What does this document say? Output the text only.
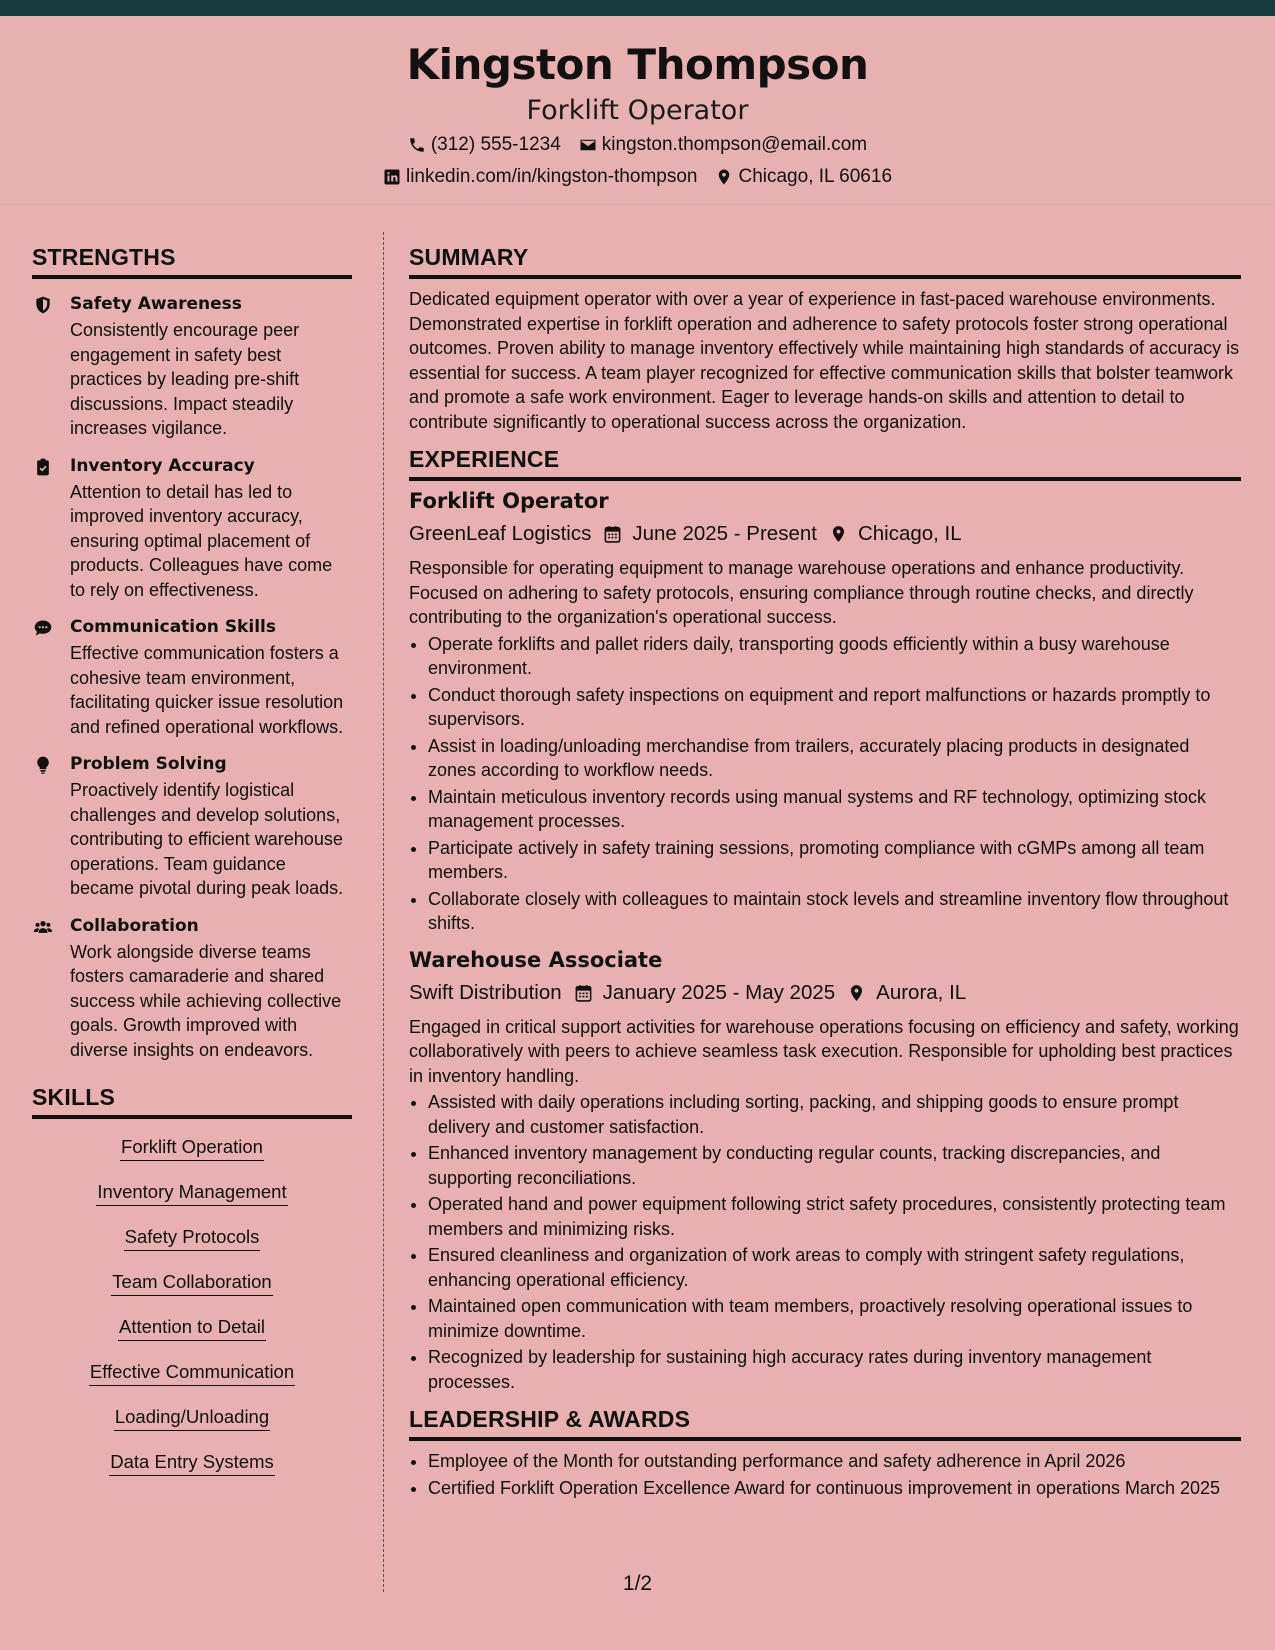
Kingston Thompson
Forklift Operator
(312) 555-1234 kingston.thompson@email.com
linkedin.com/in/kingston-thompson Chicago, IL 60616
STRENGTHS
Safety Awareness
Consistently encourage peer engagement in safety best practices by leading pre-shift discussions. Impact steadily increases vigilance.
Inventory Accuracy
Attention to detail has led to improved inventory accuracy, ensuring optimal placement of products. Colleagues have come to rely on effectiveness.
Communication Skills
Effective communication fosters a cohesive team environment, facilitating quicker issue resolution and refined operational workflows.
Problem Solving
Proactively identify logistical challenges and develop solutions, contributing to efficient warehouse operations. Team guidance became pivotal during peak loads.
Collaboration
Work alongside diverse teams fosters camaraderie and shared success while achieving collective goals. Growth improved with diverse insights on endeavors.
SKILLS
Forklift Operation
Inventory Management
Safety Protocols
Team Collaboration
Attention to Detail
Effective Communication
Loading/Unloading
Data Entry Systems
SUMMARY
Dedicated equipment operator with over a year of experience in fast-paced warehouse environments. Demonstrated expertise in forklift operation and adherence to safety protocols foster strong operational outcomes. Proven ability to manage inventory effectively while maintaining high standards of accuracy is essential for success. A team player recognized for effective communication skills that bolster teamwork and promote a safe work environment. Eager to leverage hands-on skills and attention to detail to contribute significantly to operational success across the organization.
EXPERIENCE
Forklift Operator
GreenLeaf Logistics June 2025 - Present Chicago, IL
Responsible for operating equipment to manage warehouse operations and enhance productivity. Focused on adhering to safety protocols, ensuring compliance through routine checks, and directly contributing to the organization's operational success.
• Operate forklifts and pallet riders daily, transporting goods efficiently within a busy warehouse environment.
• Conduct thorough safety inspections on equipment and report malfunctions or hazards promptly to supervisors.
• Assist in loading/unloading merchandise from trailers, accurately placing products in designated zones according to workflow needs.
• Maintain meticulous inventory records using manual systems and RF technology, optimizing stock management processes.
• Participate actively in safety training sessions, promoting compliance with cGMPs among all team members.
• Collaborate closely with colleagues to maintain stock levels and streamline inventory flow throughout shifts.
Warehouse Associate
Swift Distribution January 2025 - May 2025 Aurora, IL
Engaged in critical support activities for warehouse operations focusing on efficiency and safety, working collaboratively with peers to achieve seamless task execution. Responsible for upholding best practices in inventory handling.
• Assisted with daily operations including sorting, packing, and shipping goods to ensure prompt delivery and customer satisfaction.
• Enhanced inventory management by conducting regular counts, tracking discrepancies, and supporting reconciliations.
• Operated hand and power equipment following strict safety procedures, consistently protecting team members and minimizing risks.
• Ensured cleanliness and organization of work areas to comply with stringent safety regulations, enhancing operational efficiency.
• Maintained open communication with team members, proactively resolving operational issues to minimize downtime.
• Recognized by leadership for sustaining high accuracy rates during inventory management processes.
LEADERSHIP & AWARDS
• Employee of the Month for outstanding performance and safety adherence in April 2026
• Certified Forklift Operation Excellence Award for continuous improvement in operations March 2025
1/2
